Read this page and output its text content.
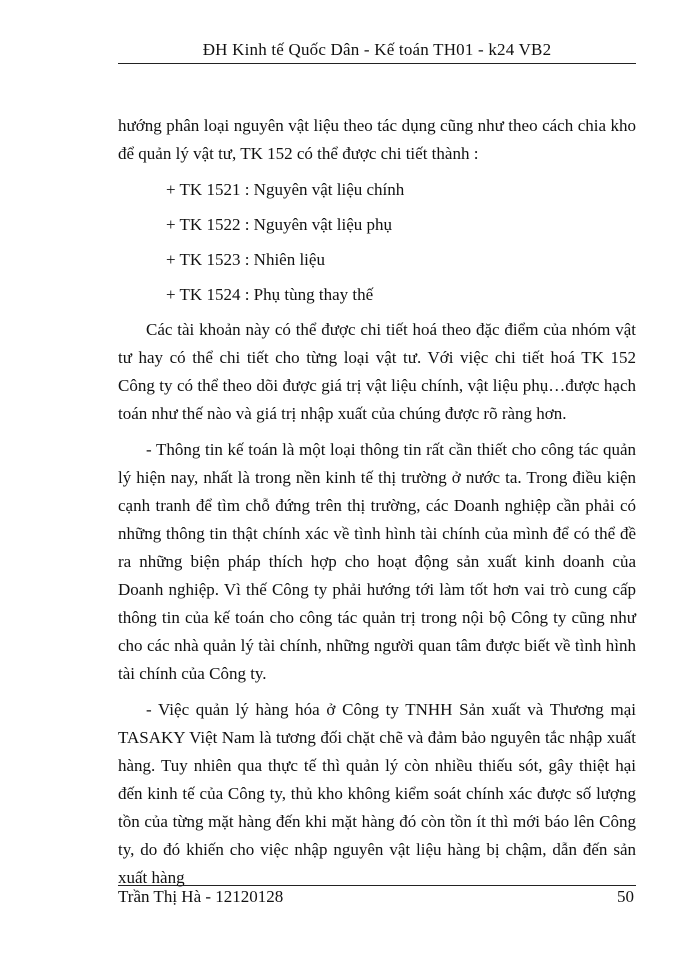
ĐH Kinh tế Quốc Dân - Kế toán TH01 - k24 VB2

hướng phân loại nguyên vật liệu theo tác dụng cũng như theo cách chia kho để quản lý vật tư, TK 152 có thể được chi tiết thành :

+ TK 1521 : Nguyên vật liệu chính

+ TK 1522 : Nguyên vật liệu phụ

+ TK 1523 : Nhiên liệu

+ TK 1524 : Phụ tùng thay thế

Các tài khoản này có thể được chi tiết hoá theo đặc điểm của nhóm vật tư hay có thể chi tiết cho từng loại vật tư. Với việc chi tiết hoá TK 152 Công ty có thể theo dõi được giá trị vật liệu chính, vật liệu phụ…được hạch toán như thế nào và giá trị nhập xuất của chúng được rõ ràng hơn.

- Thông tin kế toán là một loại thông tin rất cần thiết cho công tác quản lý hiện nay, nhất là trong nền kinh tế thị trường ở nước ta. Trong điều kiện cạnh tranh để tìm chỗ đứng trên thị trường, các Doanh nghiệp cần phải có những thông tin thật chính xác về tình hình tài chính của mình để có thể đề ra những biện pháp thích hợp cho hoạt động sản xuất kinh doanh của Doanh nghiệp. Vì thế Công ty phải hướng tới làm tốt hơn vai trò cung cấp thông tin của kế toán cho công tác quản trị trong nội bộ Công ty cũng như cho các nhà quản lý tài chính, những người quan tâm được biết về tình hình tài chính của Công ty.

- Việc quản lý hàng hóa ở Công ty TNHH Sản xuất và Thương mại TASAKY Việt Nam là tương đối chặt chẽ và đảm bảo nguyên tắc nhập xuất hàng. Tuy nhiên qua thực tế thì quản lý còn nhiều thiếu sót, gây thiệt hại đến kinh tế của Công ty, thủ kho không kiểm soát chính xác được số lượng tồn của từng mặt hàng đến khi mặt hàng đó còn tồn ít thì mới báo lên Công ty, do đó khiến cho việc nhập nguyên vật liệu hàng bị chậm, dẫn đến sản xuất hàng

Trần Thị Hà - 12120128	50
